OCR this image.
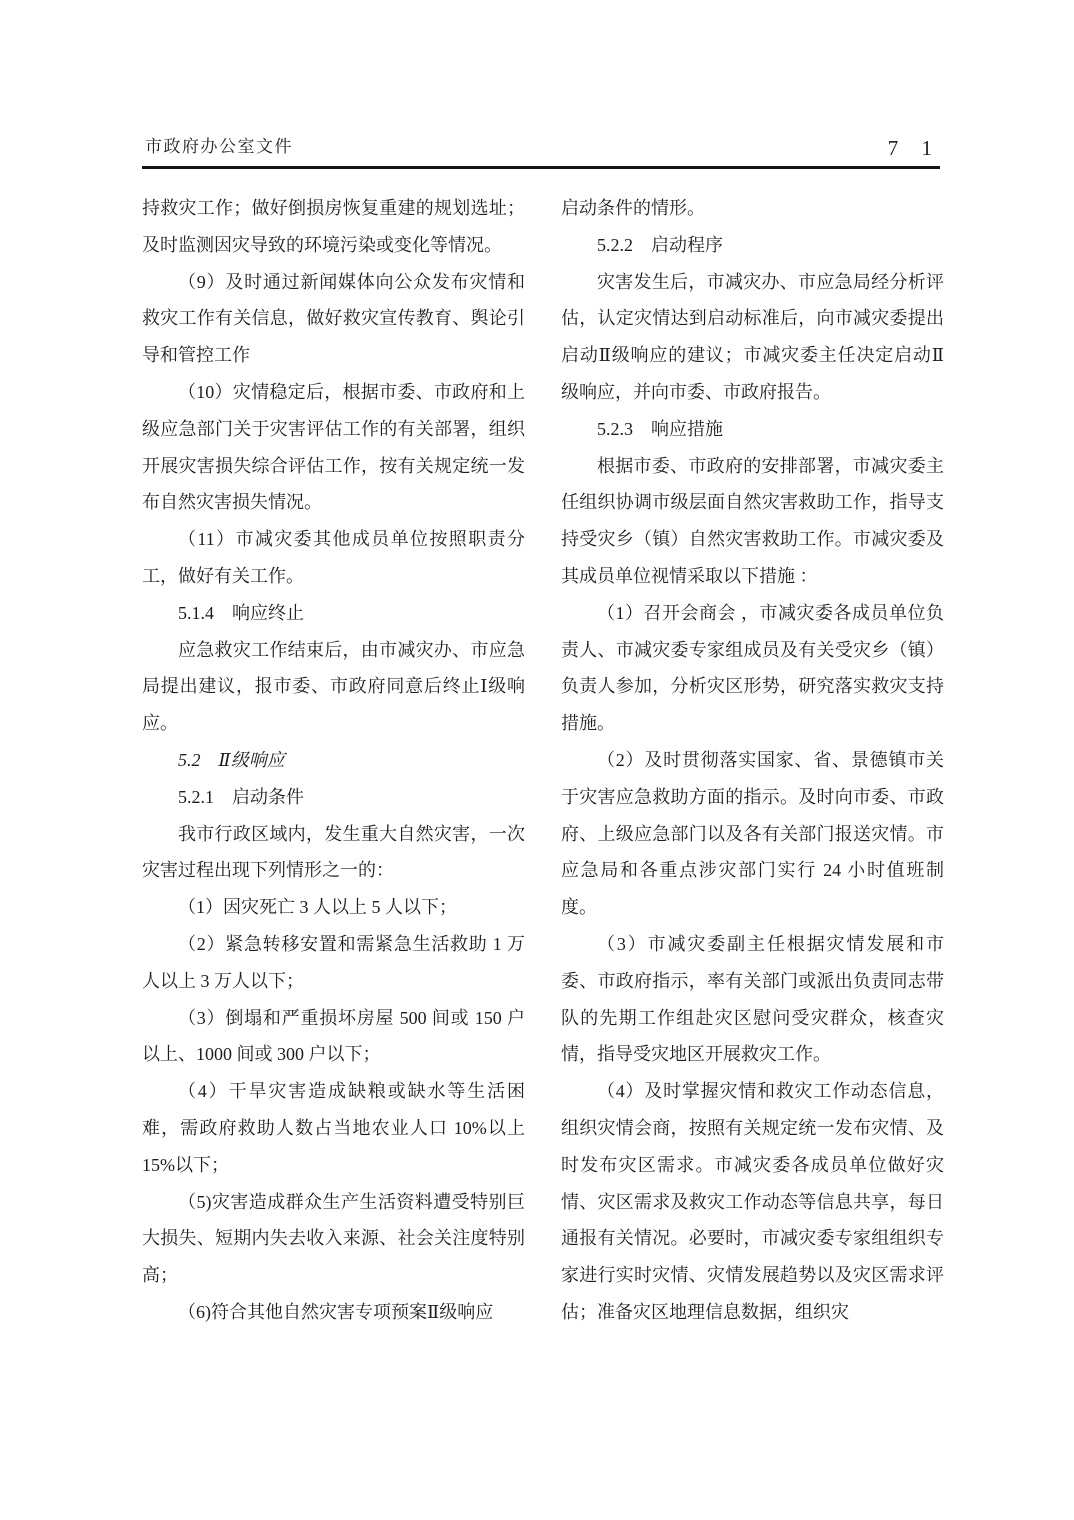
市政府办公室文件	7 1

持救灾工作；做好倒损房恢复重建的规划选址；及时监测因灾导致的环境污染或变化等情况。

（9）及时通过新闻媒体向公众发布灾情和救灾工作有关信息，做好救灾宣传教育、舆论引导和管控工作

（10）灾情稳定后，根据市委、市政府和上级应急部门关于灾害评估工作的有关部署，组织开展灾害损失综合评估工作，按有关规定统一发布自然灾害损失情况。

（11）市减灾委其他成员单位按照职责分工，做好有关工作。

5.1.4　响应终止

应急救灾工作结束后，由市减灾办、市应急局提出建议，报市委、市政府同意后终止Ⅰ级响应。

5.2　Ⅱ级响应

5.2.1　启动条件

我市行政区域内，发生重大自然灾害，一次灾害过程出现下列情形之一的：

（1）因灾死亡 3 人以上 5 人以下；

（2）紧急转移安置和需紧急生活救助 1 万人以上 3 万人以下；

（3）倒塌和严重损坏房屋 500 间或 150 户以上、1000 间或 300 户以下；

（4）干旱灾害造成缺粮或缺水等生活困难，需政府救助人数占当地农业人口 10%以上 15%以下；

（5)灾害造成群众生产生活资料遭受特别巨大损失、短期内失去收入来源、社会关注度特别高；

（6)符合其他自然灾害专项预案Ⅱ级响应

启动条件的情形。

5.2.2　启动程序

灾害发生后，市减灾办、市应急局经分析评估，认定灾情达到启动标准后，向市减灾委提出启动Ⅱ级响应的建议；市减灾委主任决定启动Ⅱ级响应，并向市委、市政府报告。

5.2.3　响应措施

根据市委、市政府的安排部署，市减灾委主任组织协调市级层面自然灾害救助工作，指导支持受灾乡（镇）自然灾害救助工作。市减灾委及其成员单位视情采取以下措施 ：

（1）召开会商会 ，市减灾委各成员单位负责人、市减灾委专家组成员及有关受灾乡（镇）负责人参加，分析灾区形势，研究落实救灾支持措施。

（2）及时贯彻落实国家、省、景德镇市关于灾害应急救助方面的指示。及时向市委、市政府、上级应急部门以及各有关部门报送灾情。市应急局和各重点涉灾部门实行 24 小时值班制度。

（3）市减灾委副主任根据灾情发展和市委、市政府指示，率有关部门或派出负责同志带队的先期工作组赴灾区慰问受灾群众，核查灾情，指导受灾地区开展救灾工作。

（4）及时掌握灾情和救灾工作动态信息，组织灾情会商，按照有关规定统一发布灾情、及时发布灾区需求。市减灾委各成员单位做好灾情、灾区需求及救灾工作动态等信息共享，每日通报有关情况。必要时，市减灾委专家组组织专家进行实时灾情、灾情发展趋势以及灾区需求评估；准备灾区地理信息数据，组织灾
